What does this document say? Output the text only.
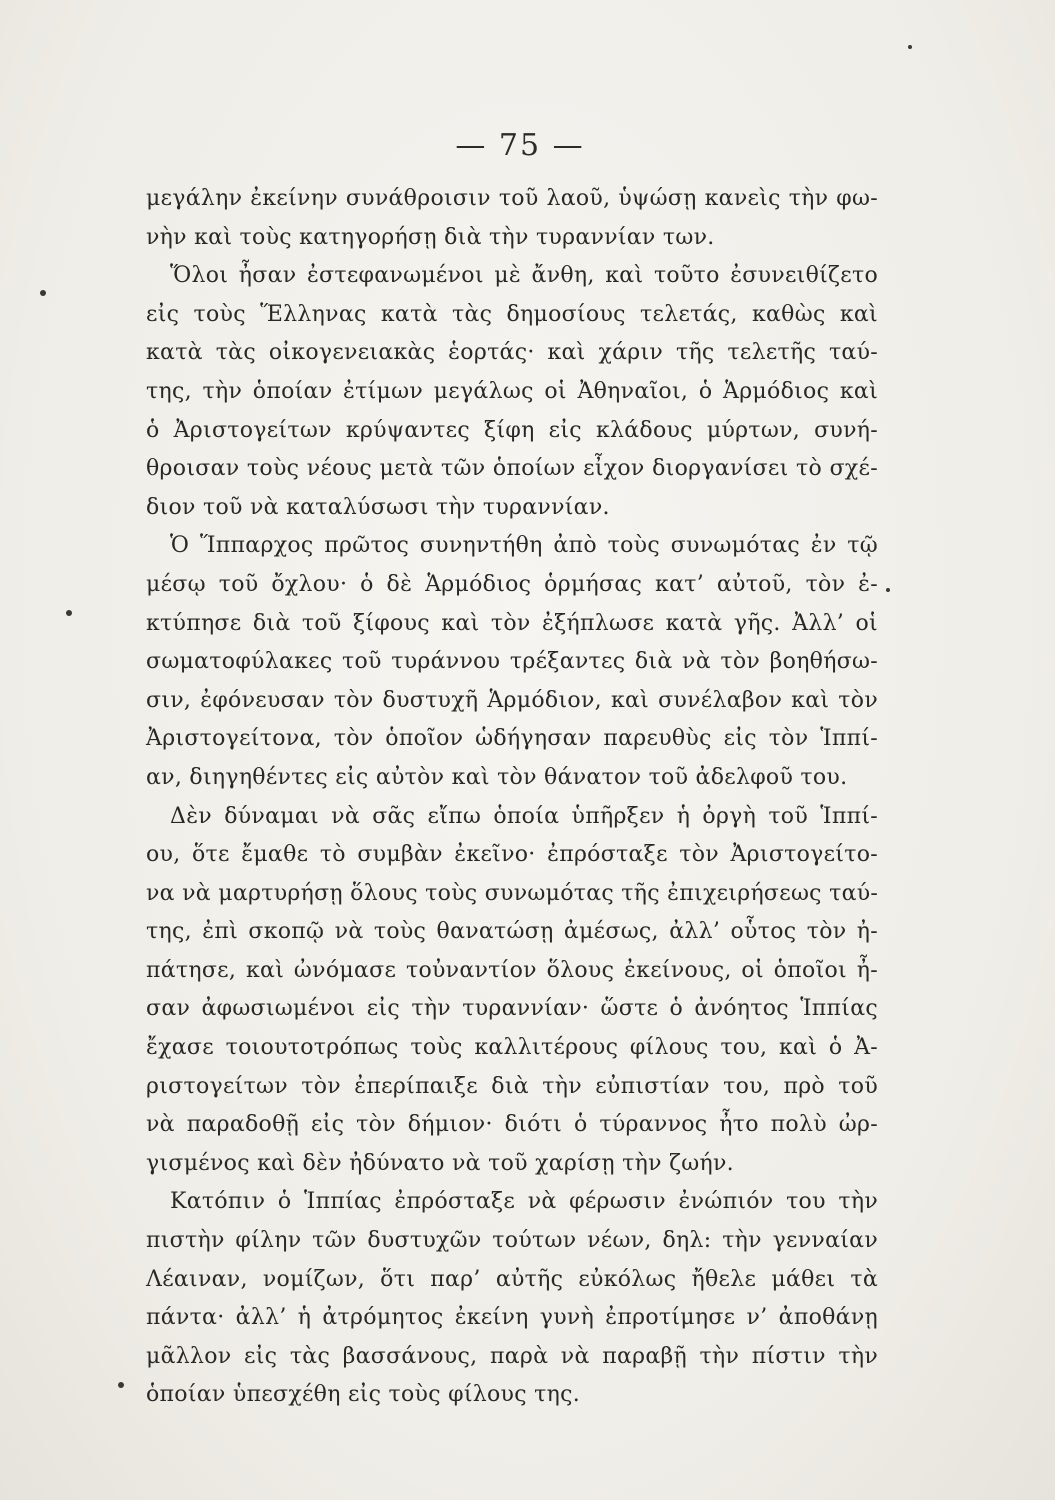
— 75 —
μεγάλην ἐκείνην συνάθροισιν τοῦ λαοῦ, ὑψώσῃ κανεὶς τὴν φω-
νὴν καὶ τοὺς κατηγορήσῃ διὰ τὴν τυραννίαν των.
Ὅλοι ἦσαν ἐστεφανωμένοι μὲ ἄνθη, καὶ τοῦτο ἐσυνειθίζετο
εἰς τοὺς Ἕλληνας κατὰ τὰς δημοσίους τελετάς, καθὼς καὶ
κατὰ τὰς οἰκογενειακὰς ἑορτάς· καὶ χάριν τῆς τελετῆς ταύ-
της, τὴν ὁποίαν ἐτίμων μεγάλως οἱ Ἀθηναῖοι, ὁ Ἁρμόδιος καὶ
ὁ Ἀριστογείτων κρύψαντες ξίφη εἰς κλάδους μύρτων, συνή-
θροισαν τοὺς νέους μετὰ τῶν ὁποίων εἶχον διοργανίσει τὸ σχέ-
διον τοῦ νὰ καταλύσωσι τὴν τυραννίαν.
Ὁ Ἵππαρχος πρῶτος συνηντήθη ἀπὸ τοὺς συνωμότας ἐν τῷ
μέσῳ τοῦ ὄχλου· ὁ δὲ Ἁρμόδιος ὁρμήσας κατ’ αὐτοῦ, τὸν ἐ-
κτύπησε διὰ τοῦ ξίφους καὶ τὸν ἐξήπλωσε κατὰ γῆς. Ἀλλ’ οἱ
σωματοφύλακες τοῦ τυράννου τρέξαντες διὰ νὰ τὸν βοηθήσω-
σιν, ἐφόνευσαν τὸν δυστυχῆ Ἁρμόδιον, καὶ συνέλαβον καὶ τὸν
Ἀριστογείτονα, τὸν ὁποῖον ὡδήγησαν παρευθὺς εἰς τὸν Ἱππί-
αν, διηγηθέντες εἰς αὐτὸν καὶ τὸν θάνατον τοῦ ἀδελφοῦ του.
Δὲν δύναμαι νὰ σᾶς εἴπω ὁποία ὑπῆρξεν ἡ ὀργὴ τοῦ Ἱππί-
ου, ὅτε ἔμαθε τὸ συμβὰν ἐκεῖνο· ἐπρόσταξε τὸν Ἀριστογείτο-
να νὰ μαρτυρήσῃ ὅλους τοὺς συνωμότας τῆς ἐπιχειρήσεως ταύ-
της, ἐπὶ σκοπῷ νὰ τοὺς θανατώσῃ ἀμέσως, ἀλλ’ οὗτος τὸν ἠ-
πάτησε, καὶ ὠνόμασε τοὐναντίον ὅλους ἐκείνους, οἱ ὁποῖοι ἦ-
σαν ἀφωσιωμένοι εἰς τὴν τυραννίαν· ὥστε ὁ ἀνόητος Ἱππίας
ἔχασε τοιουτοτρόπως τοὺς καλλιτέρους φίλους του, καὶ ὁ Ἀ-
ριστογείτων τὸν ἐπερίπαιξε διὰ τὴν εὐπιστίαν του, πρὸ τοῦ
νὰ παραδοθῇ εἰς τὸν δήμιον· διότι ὁ τύραννος ἦτο πολὺ ὠρ-
γισμένος καὶ δὲν ἠδύνατο νὰ τοῦ χαρίσῃ τὴν ζωήν.
Κατόπιν ὁ Ἱππίας ἐπρόσταξε νὰ φέρωσιν ἐνώπιόν του τὴν
πιστὴν φίλην τῶν δυστυχῶν τούτων νέων, δηλ: τὴν γενναίαν
Λέαιναν, νομίζων, ὅτι παρ’ αὐτῆς εὐκόλως ἤθελε μάθει τὰ
πάντα· ἀλλ’ ἡ ἀτρόμητος ἐκείνη γυνὴ ἐπροτίμησε ν’ ἀποθάνῃ
μᾶλλον εἰς τὰς βασσάνους, παρὰ νὰ παραβῇ τὴν πίστιν τὴν
ὁποίαν ὑπεσχέθη εἰς τοὺς φίλους της.
